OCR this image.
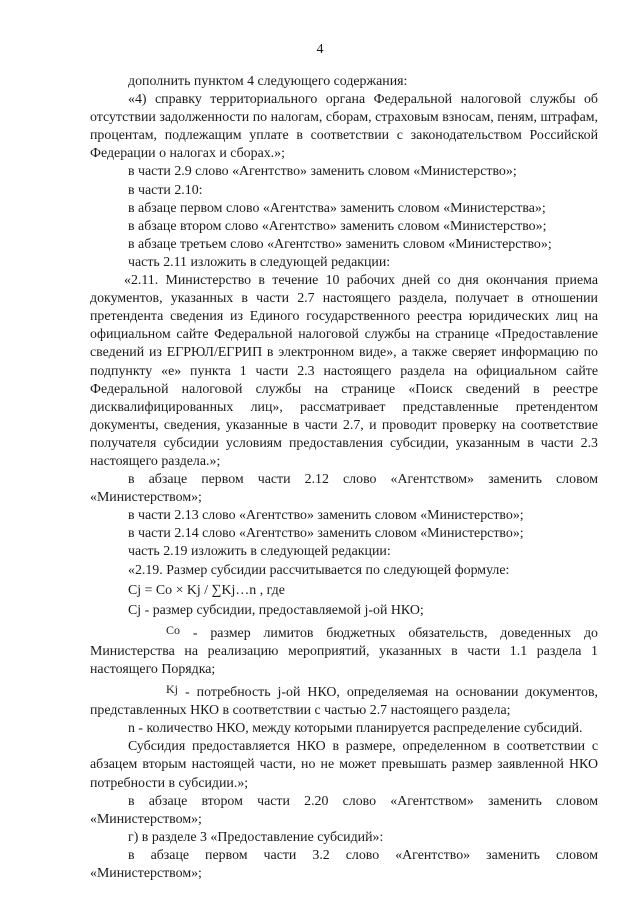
4

дополнить пунктом 4 следующего содержания:

«4) справку территориального органа Федеральной налоговой службы об отсутствии задолженности по налогам, сборам, страховым взносам, пеням, штрафам, процентам, подлежащим уплате в соответствии с законодательством Российской Федерации о налогах и сборах.»;

в части 2.9 слово «Агентство» заменить словом «Министерство»;

в части 2.10:

в абзаце первом слово «Агентства» заменить словом «Министерства»;

в абзаце втором слово «Агентство» заменить словом «Министерство»;

в абзаце третьем слово «Агентство» заменить словом «Министерство»;

часть 2.11 изложить в следующей редакции:

«2.11. Министерство в течение 10 рабочих дней со дня окончания приема документов, указанных в части 2.7 настоящего раздела, получает в отношении претендента сведения из Единого государственного реестра юридических лиц на официальном сайте Федеральной налоговой службы на странице «Предоставление сведений из ЕГРЮЛ/ЕГРИП в электронном виде», а также сверяет информацию по подпункту «е» пункта 1 части 2.3 настоящего раздела на официальном сайте Федеральной налоговой службы на странице «Поиск сведений в реестре дисквалифицированных лиц», рассматривает представленные претендентом документы, сведения, указанные в части 2.7, и проводит проверку на соответствие получателя субсидии условиям предоставления субсидии, указанным в части 2.3 настоящего раздела.»;

в абзаце первом части 2.12 слово «Агентством» заменить словом «Министерством»;

в части 2.13 слово «Агентство» заменить словом «Министерство»;

в части 2.14 слово «Агентство» заменить словом «Министерство»;

часть 2.19 изложить в следующей редакции:

«2.19. Размер субсидии рассчитывается по следующей формуле:

Cj = Co × Kj / ∑Kj…n , где

Cj - размер субсидии, предоставляемой j-ой НКО;

Co - размер лимитов бюджетных обязательств, доведенных до Министерства на реализацию мероприятий, указанных в части 1.1 раздела 1 настоящего Порядка;

Kj - потребность j-ой НКО, определяемая на основании документов, представленных НКО в соответствии с частью 2.7 настоящего раздела;

n - количество НКО, между которыми планируется распределение субсидий.

Субсидия предоставляется НКО в размере, определенном в соответствии с абзацем вторым настоящей части, но не может превышать размер заявленной НКО потребности в субсидии.»;

в абзаце втором части 2.20 слово «Агентством» заменить словом «Министерством»;

г) в разделе 3 «Предоставление субсидий»:

в абзаце первом части 3.2 слово «Агентство» заменить словом «Министерством»;
